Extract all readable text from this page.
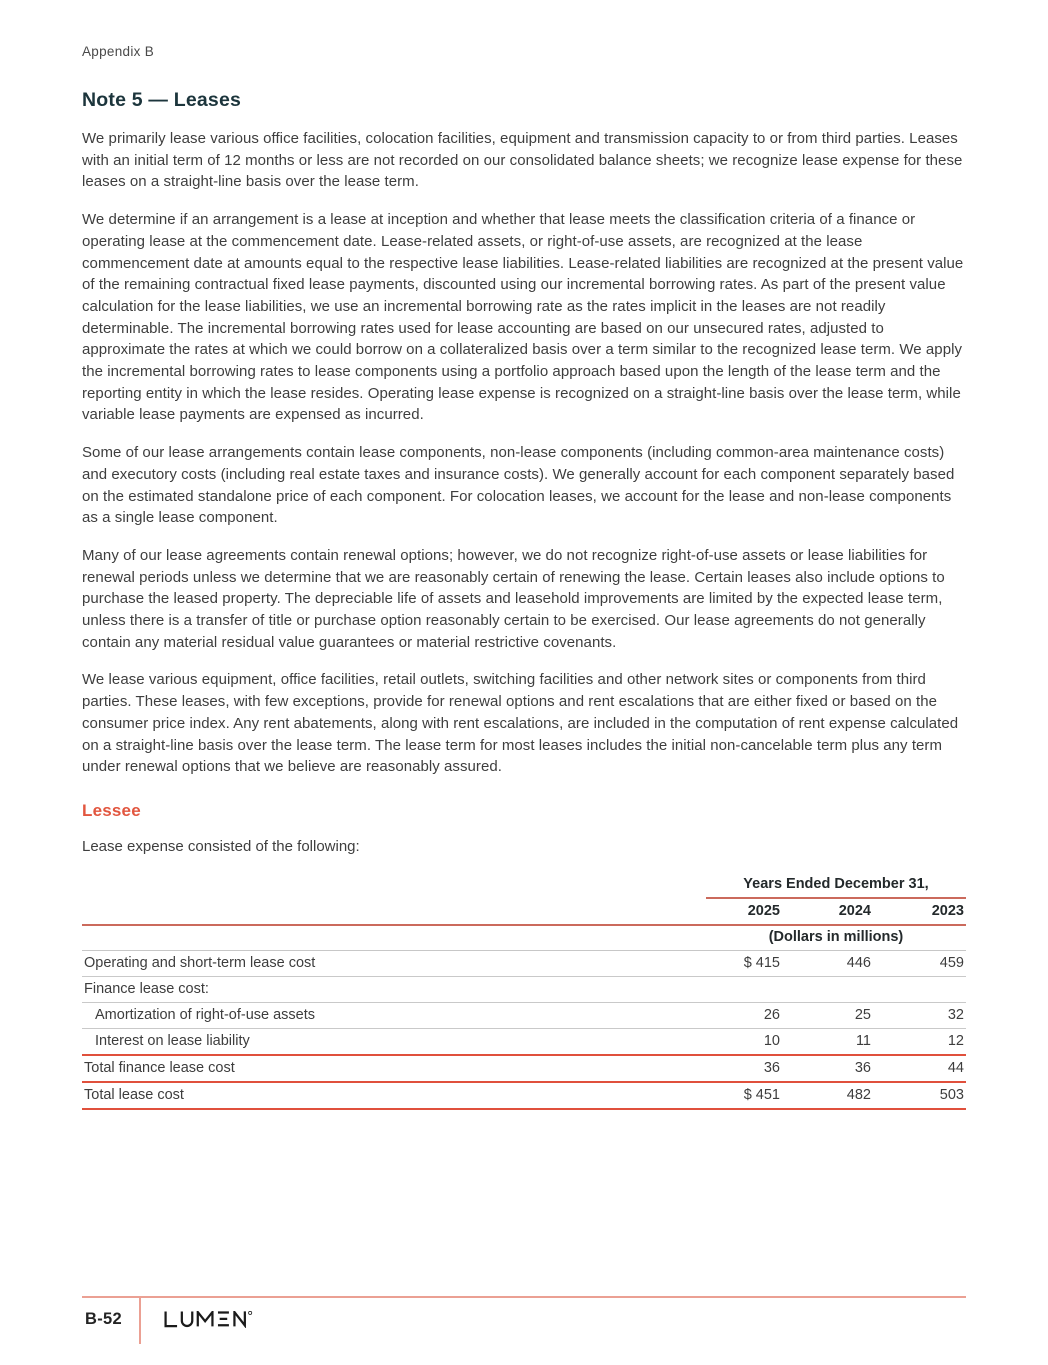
Appendix B
Note 5 — Leases

We primarily lease various office facilities, colocation facilities, equipment and transmission capacity to or from third parties. Leases with an initial term of 12 months or less are not recorded on our consolidated balance sheets; we recognize lease expense for these leases on a straight-line basis over the lease term.

We determine if an arrangement is a lease at inception and whether that lease meets the classification criteria of a finance or operating lease at the commencement date. Lease-related assets, or right-of-use assets, are recognized at the lease commencement date at amounts equal to the respective lease liabilities. Lease-related liabilities are recognized at the present value of the remaining contractual fixed lease payments, discounted using our incremental borrowing rates. As part of the present value calculation for the lease liabilities, we use an incremental borrowing rate as the rates implicit in the leases are not readily determinable. The incremental borrowing rates used for lease accounting are based on our unsecured rates, adjusted to approximate the rates at which we could borrow on a collateralized basis over a term similar to the recognized lease term. We apply the incremental borrowing rates to lease components using a portfolio approach based upon the length of the lease term and the reporting entity in which the lease resides. Operating lease expense is recognized on a straight-line basis over the lease term, while variable lease payments are expensed as incurred.

Some of our lease arrangements contain lease components, non-lease components (including common-area maintenance costs) and executory costs (including real estate taxes and insurance costs). We generally account for each component separately based on the estimated standalone price of each component. For colocation leases, we account for the lease and non-lease components as a single lease component.

Many of our lease agreements contain renewal options; however, we do not recognize right-of-use assets or lease liabilities for renewal periods unless we determine that we are reasonably certain of renewing the lease. Certain leases also include options to purchase the leased property. The depreciable life of assets and leasehold improvements are limited by the expected lease term, unless there is a transfer of title or purchase option reasonably certain to be exercised. Our lease agreements do not generally contain any material residual value guarantees or material restrictive covenants.

We lease various equipment, office facilities, retail outlets, switching facilities and other network sites or components from third parties. These leases, with few exceptions, provide for renewal options and rent escalations that are either fixed or based on the consumer price index. Any rent abatements, along with rent escalations, are included in the computation of rent expense calculated on a straight-line basis over the lease term. The lease term for most leases includes the initial non-cancelable term plus any term under renewal options that we believe are reasonably assured.

Lessee

Lease expense consisted of the following:

Years Ended December 31,
2025	2024	2023
(Dollars in millions)
Operating and short-term lease cost	$ 415	446	459
Finance lease cost:
Amortization of right-of-use assets	26	25	32
Interest on lease liability	10	11	12
Total finance lease cost	36	36	44
Total lease cost	$ 451	482	503
B-52
